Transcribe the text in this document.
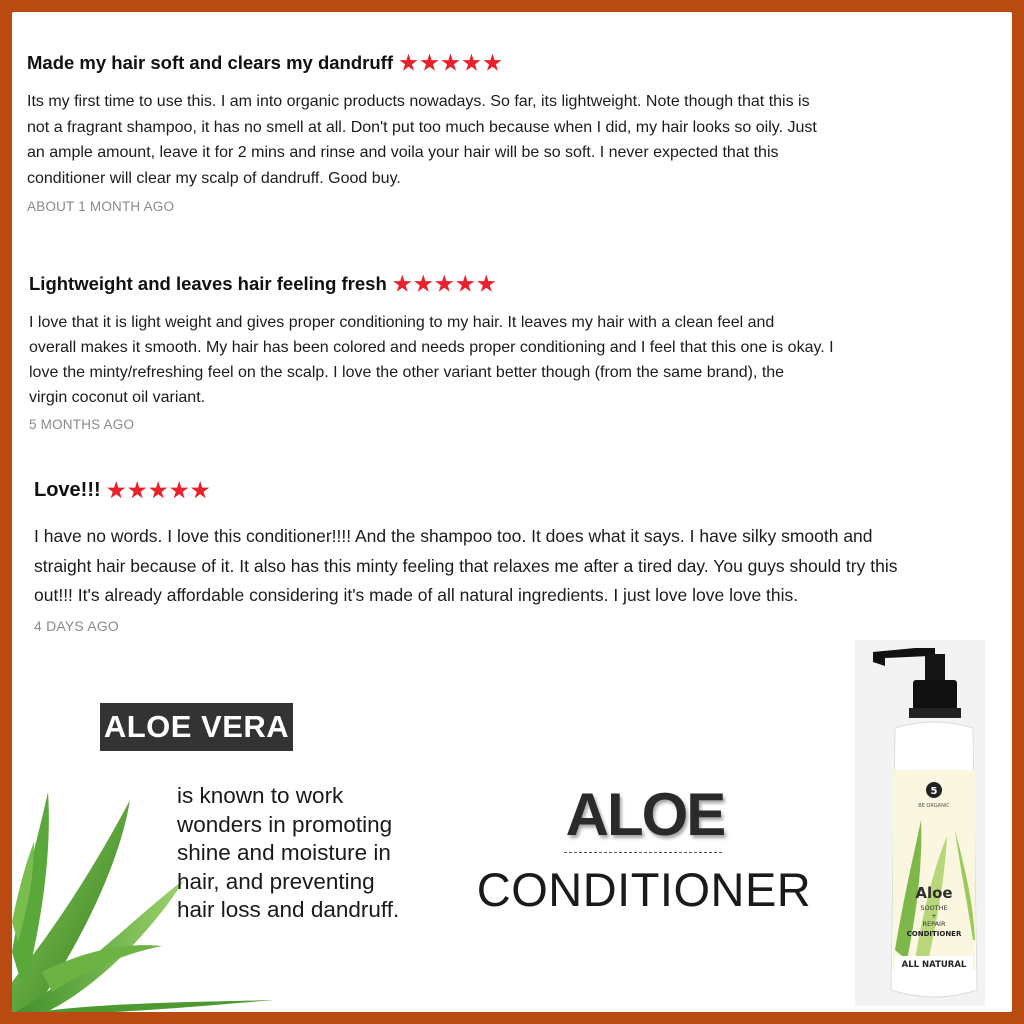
Made my hair soft and clears my dandruff
Its my first time to use this. I am into organic products nowadays. So far, its lightweight. Note though that this is
not a fragrant shampoo, it has no smell at all. Don't put too much because when I did, my hair looks so oily. Just
an ample amount, leave it for 2 mins and rinse and voila your hair will be so soft. I never expected that this
conditioner will clear my scalp of dandruff. Good buy.
ABOUT 1 MONTH AGO
Lightweight and leaves hair feeling fresh
I love that it is light weight and gives proper conditioning to my hair. It leaves my hair with a clean feel and
overall makes it smooth. My hair has been colored and needs proper conditioning and I feel that this one is okay. I
love the minty/refreshing feel on the scalp. I love the other variant better though (from the same brand), the
virgin coconut oil variant.
5 MONTHS AGO
Love!!!
I have no words. I love this conditioner!!!! And the shampoo too. It does what it says. I have silky smooth and
straight hair because of it. It also has this minty feeling that relaxes me after a tired day. You guys should try this
out!!! It's already affordable considering it's made of all natural ingredients. I just love love love this.
4 DAYS AGO
ALOE VERA
is known to work
wonders in promoting
shine and moisture in
hair, and preventing
hair loss and dandruff.
ALOE
CONDITIONER
5
BE ORGANIC
Aloe
SOOTHE
+
REPAIR
CONDITIONER
ALL NATURAL
